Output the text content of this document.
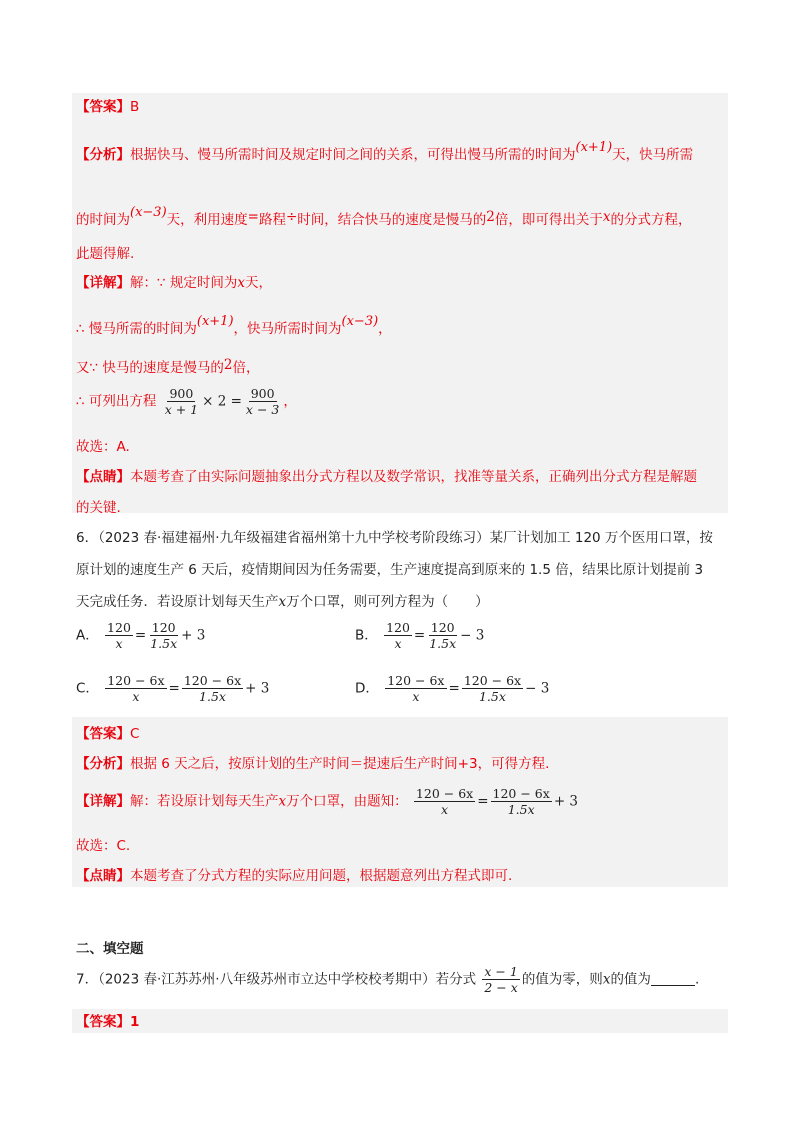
【答案】B
【分析】根据快马、慢马所需时间及规定时间之间的关系，可得出慢马所需的时间为(x+1)天，快马所需
的时间为(x−3)天，利用速度=路程÷时间，结合快马的速度是慢马的2倍，即可得出关于x的分式方程，
此题得解.
【详解】解：∵ 规定时间为x天，
∴ 慢马所需的时间为(x+1)，快马所需时间为(x−3)，
又∵ 快马的速度是慢马的2倍，
∴ 可列出方程 $\frac{900}{x + 1} \times 2 = \frac{900}{x - 3}$ ，
故选：A.
【点睛】本题考查了由实际问题抽象出分式方程以及数学常识，找准等量关系，正确列出分式方程是解题
的关键.
6．（2023 春·福建福州·九年级福建省福州第十九中学校考阶段练习）某厂计划加工 120 万个医用口罩，按
原计划的速度生产 6 天后，疫情期间因为任务需要，生产速度提高到原来的 1.5 倍，结果比原计划提前 3
天完成任务．若设原计划每天生产x万个口罩，则可列方程为（　　）
A． $\frac{120}{x} = \frac{120}{1.5x} + 3$	B． $\frac{120}{x} = \frac{120}{1.5x} - 3$
C． $\frac{120 - 6x}{x} = \frac{120 - 6x}{1.5x} + 3$	D． $\frac{120 - 6x}{x} = \frac{120 - 6x}{1.5x} - 3$
【答案】C
【分析】根据 6 天之后，按原计划的生产时间＝提速后生产时间+3，可得方程.
【详解】解：若设原计划每天生产x万个口罩，由题知： $\frac{120 - 6x}{x} = \frac{120 - 6x}{1.5x} + 3$
故选：C.
【点睛】本题考查了分式方程的实际应用问题，根据题意列出方程式即可.
二、填空题
7．（2023 春·江苏苏州·八年级苏州市立达中学校校考期中）若分式 $\frac{x - 1}{2 - x}$ 的值为零，则x的值为	.
【答案】1
